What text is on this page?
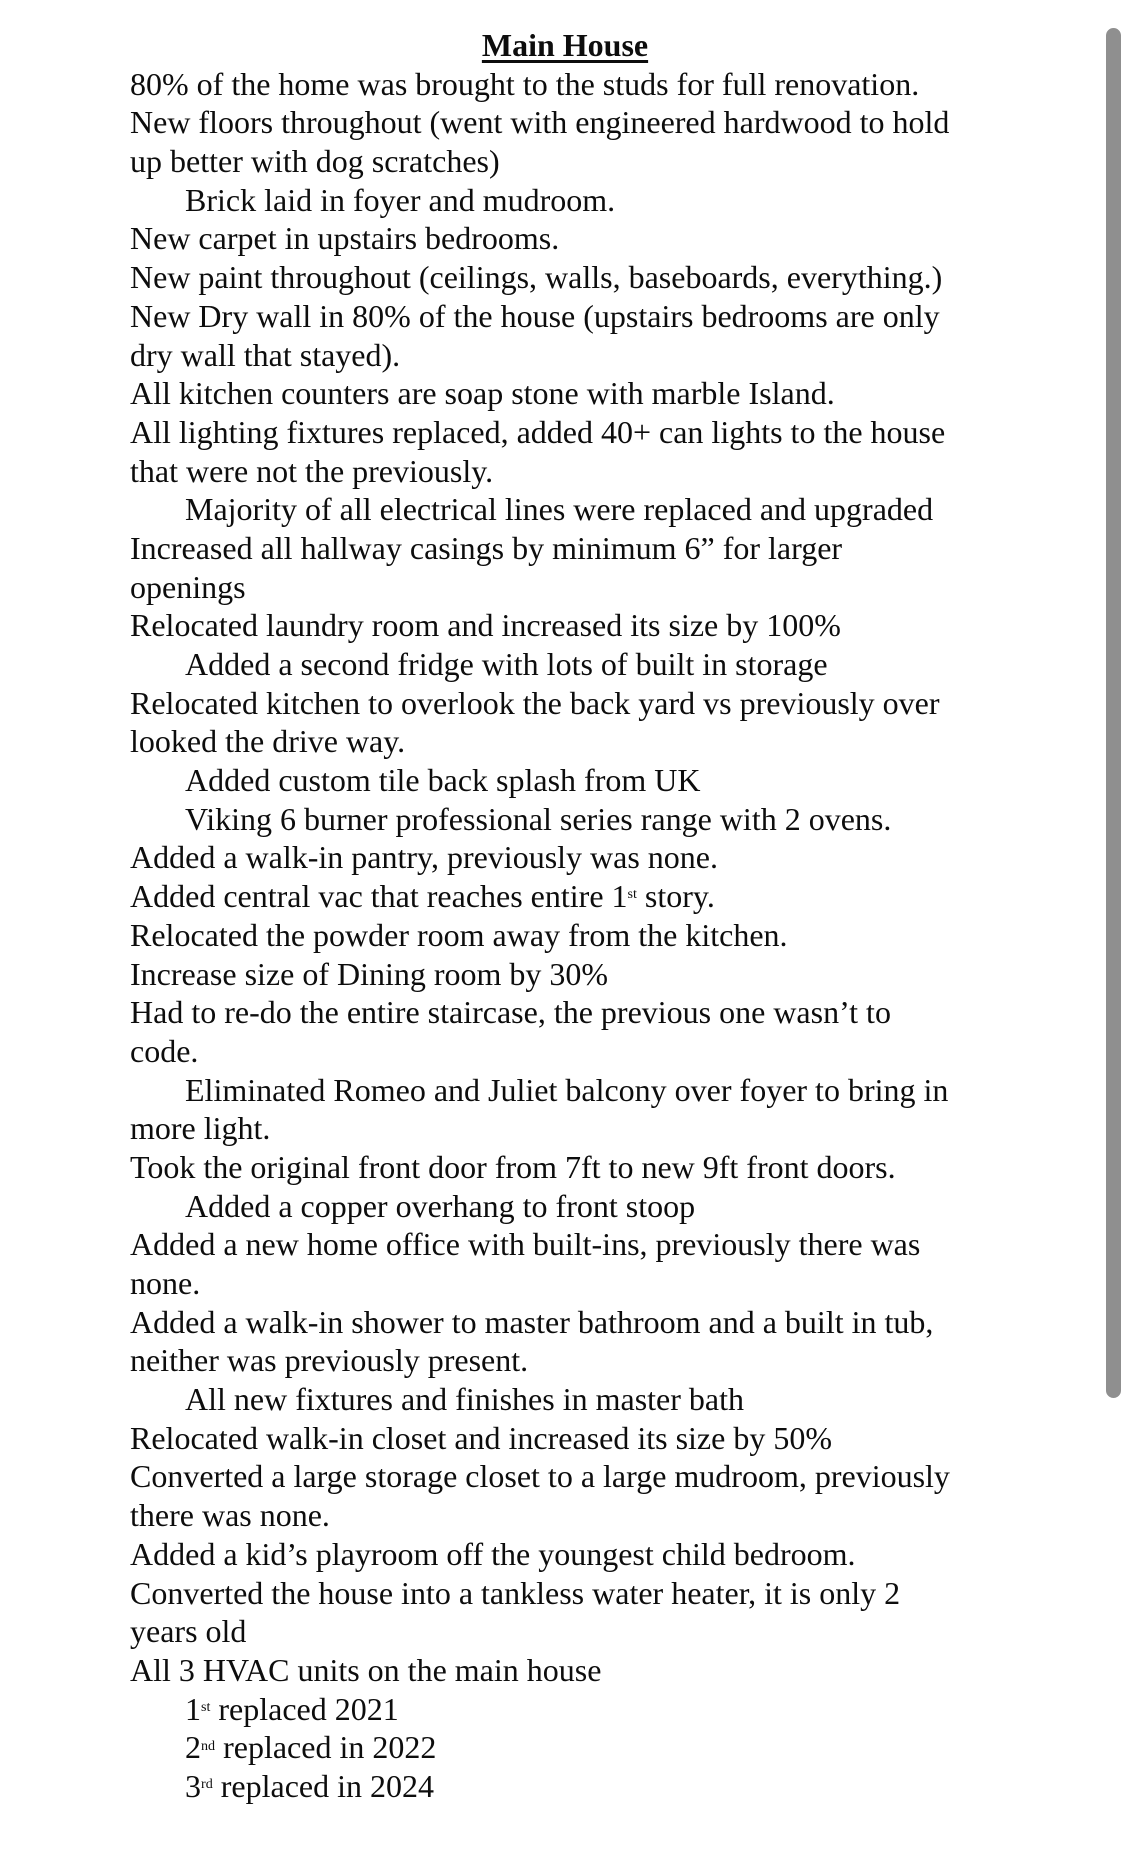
Main House
80% of the home was brought to the studs for full renovation.
New floors throughout (went with engineered hardwood to hold
up better with dog scratches)
Brick laid in foyer and mudroom.
New carpet in upstairs bedrooms.
New paint throughout (ceilings, walls, baseboards, everything.)
New Dry wall in 80% of the house (upstairs bedrooms are only
dry wall that stayed).
All kitchen counters are soap stone with marble Island.
All lighting fixtures replaced, added 40+ can lights to the house
that were not the previously.
Majority of all electrical lines were replaced and upgraded
Increased all hallway casings by minimum 6” for larger
openings
Relocated laundry room and increased its size by 100%
Added a second fridge with lots of built in storage
Relocated kitchen to overlook the back yard vs previously over
looked the drive way.
Added custom tile back splash from UK
Viking 6 burner professional series range with 2 ovens.
Added a walk-in pantry, previously was none.
Added central vac that reaches entire 1st story.
Relocated the powder room away from the kitchen.
Increase size of Dining room by 30%
Had to re-do the entire staircase, the previous one wasn’t to
code.
Eliminated Romeo and Juliet balcony over foyer to bring in
more light.
Took the original front door from 7ft to new 9ft front doors.
Added a copper overhang to front stoop
Added a new home office with built-ins, previously there was
none.
Added a walk-in shower to master bathroom and a built in tub,
neither was previously present.
All new fixtures and finishes in master bath
Relocated walk-in closet and increased its size by 50%
Converted a large storage closet to a large mudroom, previously
there was none.
Added a kid’s playroom off the youngest child bedroom.
Converted the house into a tankless water heater, it is only 2
years old
All 3 HVAC units on the main house
1st replaced 2021
2nd replaced in 2022
3rd replaced in 2024
